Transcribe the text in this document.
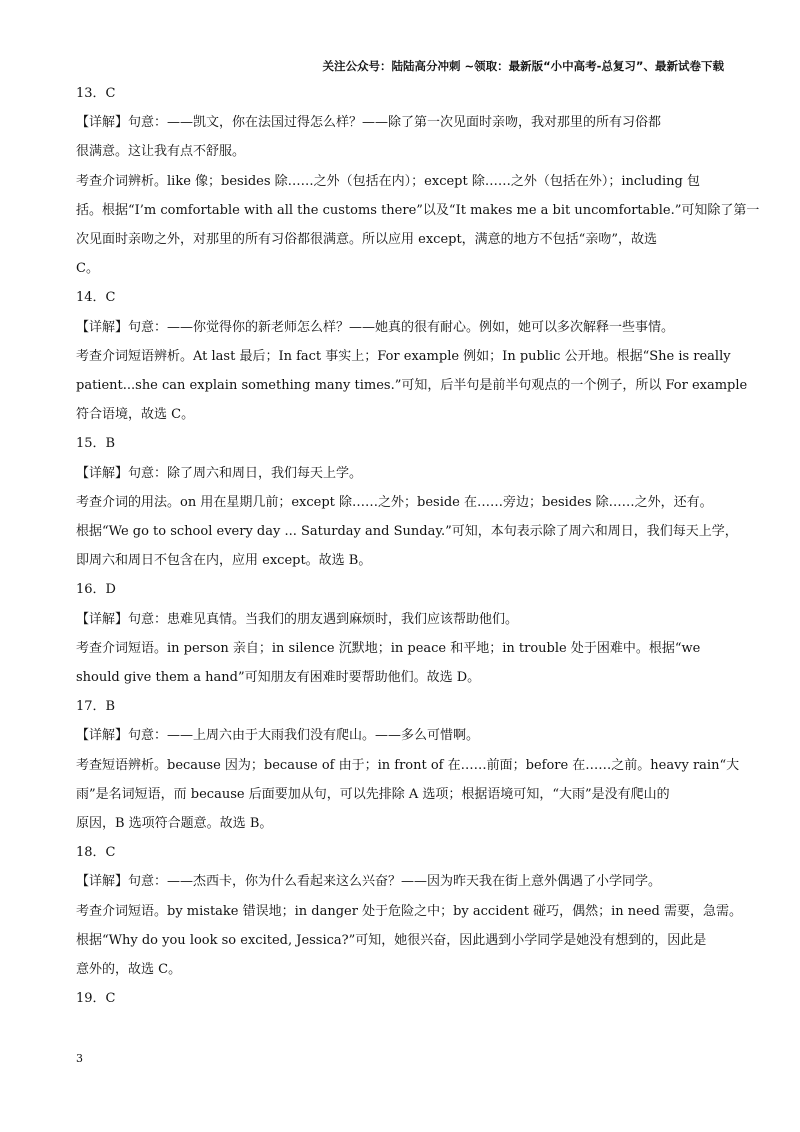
关注公众号：陆陆高分冲刺 ~领取：最新版“小中高考-总复习”、最新试卷下载
13．C
【详解】句意：——凯文，你在法国过得怎么样？——除了第一次见面时亲吻，我对那里的所有习俗都
很满意。这让我有点不舒服。
考查介词辨析。like 像；besides 除……之外（包括在内）；except 除……之外（包括在外）；including 包
括。根据“I’m comfortable with all the customs there”以及“It makes me a bit uncomfortable.”可知除了第一
次见面时亲吻之外，对那里的所有习俗都很满意。所以应用 except，满意的地方不包括“亲吻”，故选
C。
14．C
【详解】句意：——你觉得你的新老师怎么样？——她真的很有耐心。例如，她可以多次解释一些事情。
考查介词短语辨析。At last 最后；In fact 事实上；For example 例如；In public 公开地。根据“She is really
patient...she can explain something many times.”可知，后半句是前半句观点的一个例子，所以 For example
符合语境，故选 C。
15．B
【详解】句意：除了周六和周日，我们每天上学。
考查介词的用法。on 用在星期几前；except 除……之外；beside 在……旁边；besides 除……之外，还有。
根据“We go to school every day ... Saturday and Sunday.”可知，本句表示除了周六和周日，我们每天上学，
即周六和周日不包含在内，应用 except。故选 B。
16．D
【详解】句意：患难见真情。当我们的朋友遇到麻烦时，我们应该帮助他们。
考查介词短语。in person 亲自；in silence 沉默地；in peace 和平地；in trouble 处于困难中。根据“we
should give them a hand”可知朋友有困难时要帮助他们。故选 D。
17．B
【详解】句意：——上周六由于大雨我们没有爬山。——多么可惜啊。
考查短语辨析。because 因为；because of 由于；in front of 在……前面；before 在……之前。heavy rain“大
雨”是名词短语，而 because 后面要加从句，可以先排除 A 选项；根据语境可知，“大雨”是没有爬山的
原因，B 选项符合题意。故选 B。
18．C
【详解】句意：——杰西卡，你为什么看起来这么兴奋？——因为昨天我在街上意外偶遇了小学同学。
考查介词短语。by mistake 错误地；in danger 处于危险之中；by accident 碰巧，偶然；in need 需要，急需。
根据“Why do you look so excited, Jessica?”可知，她很兴奋，因此遇到小学同学是她没有想到的，因此是
意外的，故选 C。
19．C
3
